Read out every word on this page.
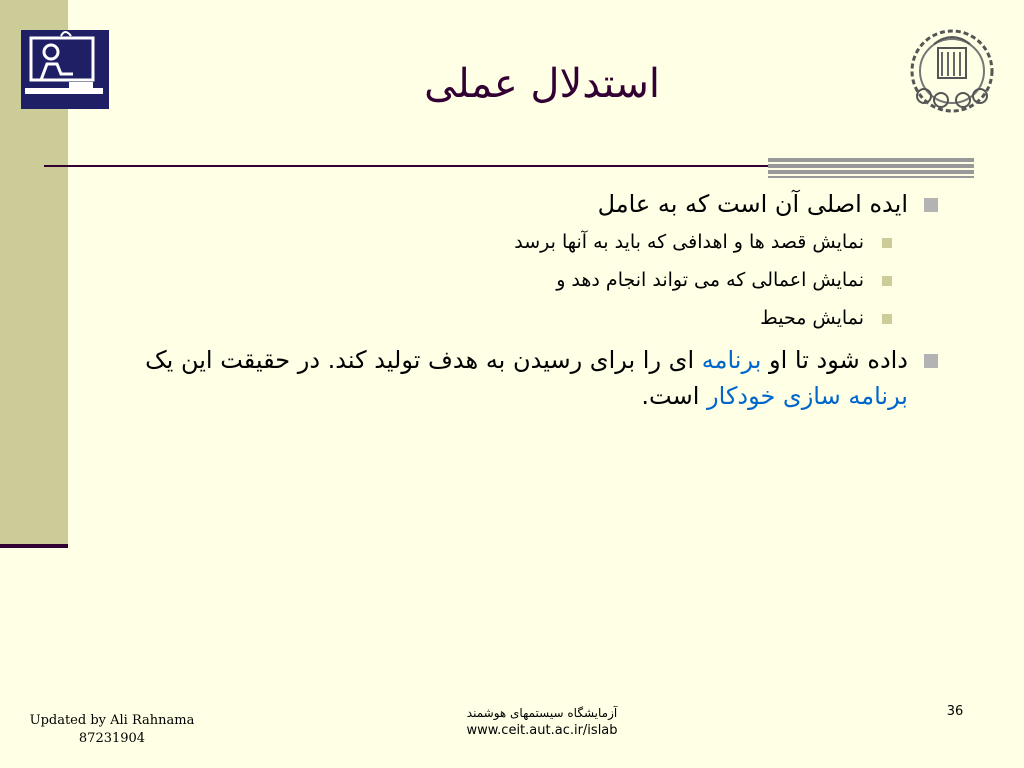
استدلال عملی
ایده اصلی آن است که به عامل
نمایش قصد ها و اهدافی که باید به آنها برسد
نمایش اعمالی که می تواند انجام دهد و
نمایش محیط
داده شود تا او برنامه ای را برای رسیدن به هدف تولید کند. در حقیقت این یک برنامه سازی خودکار است.
Updated by Ali Rahnama
87231904
آزمایشگاه سیستمهای هوشمند
www.ceit.aut.ac.ir/islab
36
